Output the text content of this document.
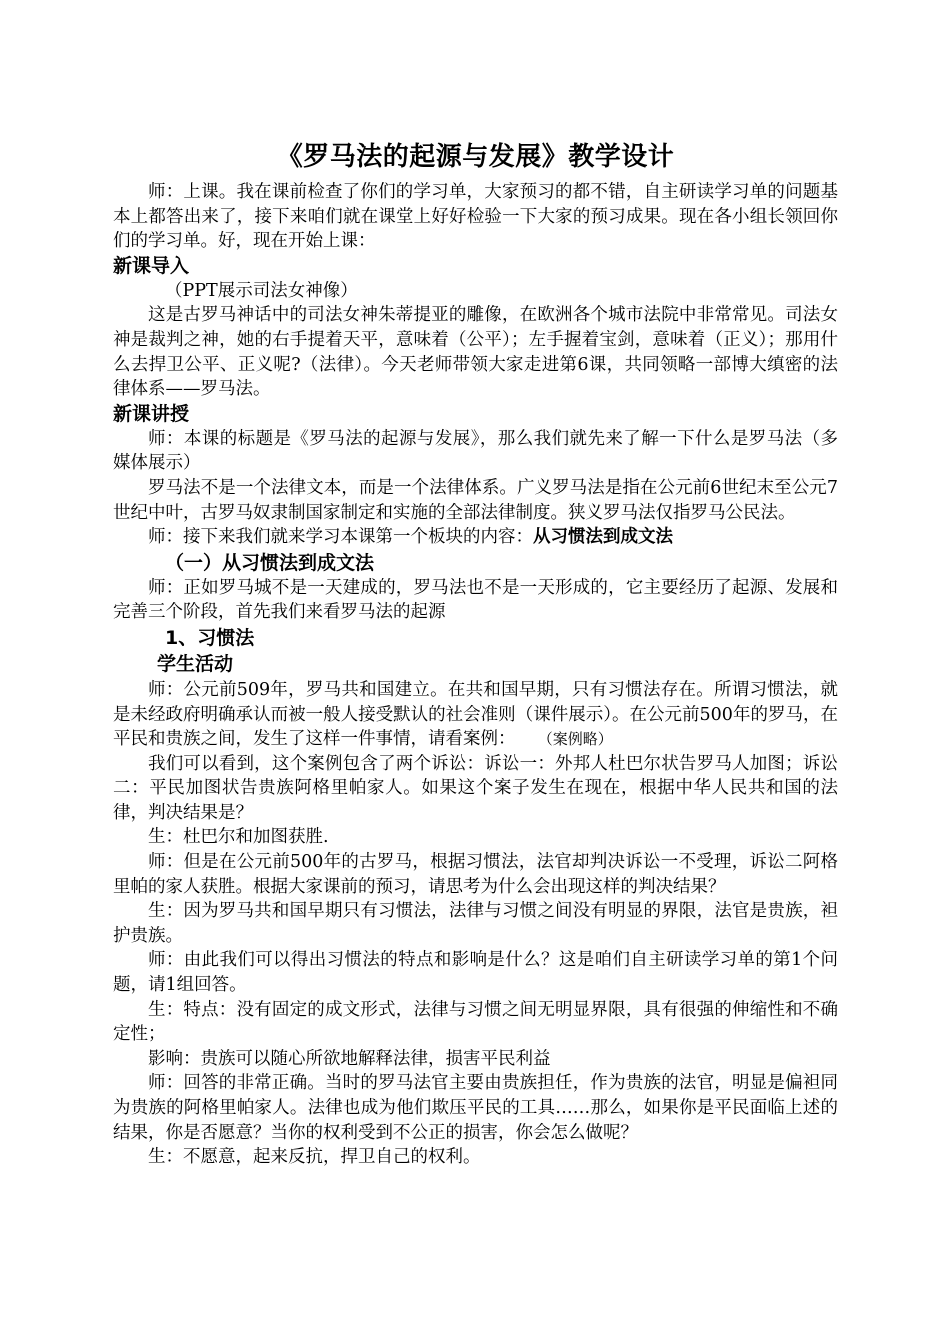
《罗马法的起源与发展》教学设计

师：上课。我在课前检查了你们的学习单，大家预习的都不错，自主研读学习单的问题基本上都答出来了，接下来咱们就在课堂上好好检验一下大家的预习成果。现在各小组长领回你们的学习单。好，现在开始上课：

新课导入

（PPT展示司法女神像）

这是古罗马神话中的司法女神朱蒂提亚的雕像，在欧洲各个城市法院中非常常见。司法女神是裁判之神，她的右手提着天平，意味着（公平）；左手握着宝剑，意味着（正义）；那用什么去捍卫公平、正义呢?（法律）。今天老师带领大家走进第6课，共同领略一部博大缜密的法律体系——罗马法。

新课讲授

师：本课的标题是《罗马法的起源与发展》，那么我们就先来了解一下什么是罗马法（多媒体展示）

罗马法不是一个法律文本，而是一个法律体系。广义罗马法是指在公元前6世纪末至公元7世纪中叶，古罗马奴隶制国家制定和实施的全部法律制度。狭义罗马法仅指罗马公民法。

师：接下来我们就来学习本课第一个板块的内容：从习惯法到成文法

（一）从习惯法到成文法

师：正如罗马城不是一天建成的，罗马法也不是一天形成的，它主要经历了起源、发展和完善三个阶段，首先我们来看罗马法的起源

1、习惯法
学生活动

师：公元前509年，罗马共和国建立。在共和国早期，只有习惯法存在。所谓习惯法，就是未经政府明确承认而被一般人接受默认的社会准则（课件展示）。在公元前500年的罗马，在平民和贵族之间，发生了这样一件事情，请看案例： （案例略）

我们可以看到，这个案例包含了两个诉讼：诉讼一：外邦人杜巴尔状告罗马人加图；诉讼二：平民加图状告贵族阿格里帕家人。如果这个案子发生在现在，根据中华人民共和国的法律，判决结果是？

生：杜巴尔和加图获胜.

师：但是在公元前500年的古罗马，根据习惯法，法官却判决诉讼一不受理，诉讼二阿格里帕的家人获胜。根据大家课前的预习，请思考为什么会出现这样的判决结果？

生：因为罗马共和国早期只有习惯法，法律与习惯之间没有明显的界限，法官是贵族，袒护贵族。

师：由此我们可以得出习惯法的特点和影响是什么？这是咱们自主研读学习单的第1个问题，请1组回答。

生：特点：没有固定的成文形式，法律与习惯之间无明显界限，具有很强的伸缩性和不确定性；

影响：贵族可以随心所欲地解释法律，损害平民利益

师：回答的非常正确。当时的罗马法官主要由贵族担任，作为贵族的法官，明显是偏袒同为贵族的阿格里帕家人。法律也成为他们欺压平民的工具……那么，如果你是平民面临上述的结果，你是否愿意？当你的权利受到不公正的损害，你会怎么做呢？

生：不愿意，起来反抗，捍卫自己的权利。
